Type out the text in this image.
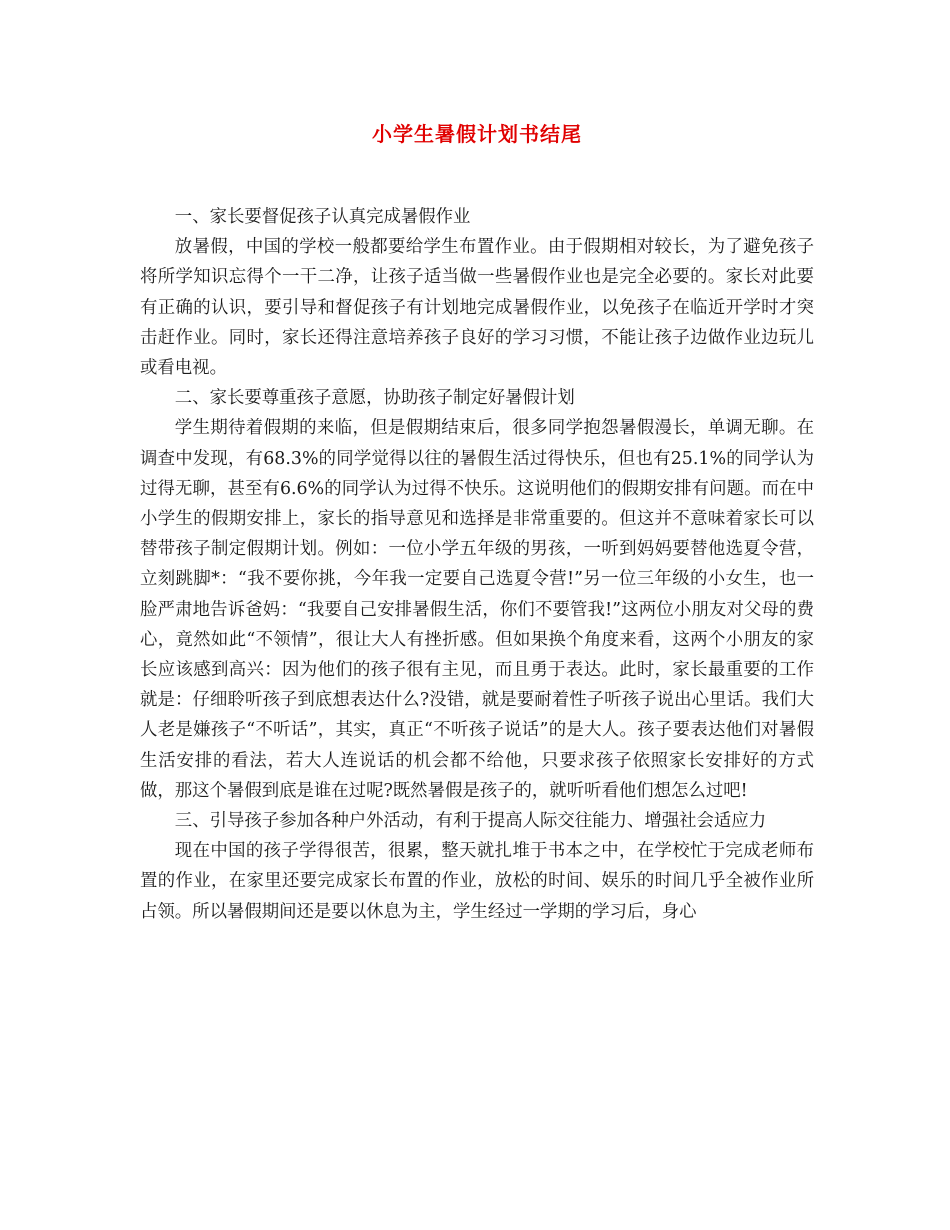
小学生暑假计划书结尾

一、家长要督促孩子认真完成暑假作业

放暑假，中国的学校一般都要给学生布置作业。由于假期相对较长，为了避免孩子将所学知识忘得个一干二净，让孩子适当做一些暑假作业也是完全必要的。家长对此要有正确的认识，要引导和督促孩子有计划地完成暑假作业，以免孩子在临近开学时才突击赶作业。同时，家长还得注意培养孩子良好的学习习惯，不能让孩子边做作业边玩儿或看电视。

二、家长要尊重孩子意愿，协助孩子制定好暑假计划

学生期待着假期的来临，但是假期结束后，很多同学抱怨暑假漫长，单调无聊。在调查中发现，有68.3%的同学觉得以往的暑假生活过得快乐，但也有25.1%的同学认为过得无聊，甚至有6.6%的同学认为过得不快乐。这说明他们的假期安排有问题。而在中小学生的假期安排上，家长的指导意见和选择是非常重要的。但这并不意味着家长可以替带孩子制定假期计划。例如：一位小学五年级的男孩，一听到妈妈要替他选夏令营，立刻跳脚*：“我不要你挑，今年我一定要自己选夏令营!”另一位三年级的小女生，也一脸严肃地告诉爸妈：“我要自己安排暑假生活，你们不要管我!”这两位小朋友对父母的费心，竟然如此“不领情”，很让大人有挫折感。但如果换个角度来看，这两个小朋友的家长应该感到高兴：因为他们的孩子很有主见，而且勇于表达。此时，家长最重要的工作就是：仔细聆听孩子到底想表达什么?没错，就是要耐着性子听孩子说出心里话。我们大人老是嫌孩子“不听话”，其实，真正“不听孩子说话”的是大人。孩子要表达他们对暑假生活安排的看法，若大人连说话的机会都不给他，只要求孩子依照家长安排好的方式做，那这个暑假到底是谁在过呢?既然暑假是孩子的，就听听看他们想怎么过吧!

三、引导孩子参加各种户外活动，有利于提高人际交往能力、增强社会适应力

现在中国的孩子学得很苦，很累，整天就扎堆于书本之中，在学校忙于完成老师布置的作业，在家里还要完成家长布置的作业，放松的时间、娱乐的时间几乎全被作业所占领。所以暑假期间还是要以休息为主，学生经过一学期的学习后，身心
